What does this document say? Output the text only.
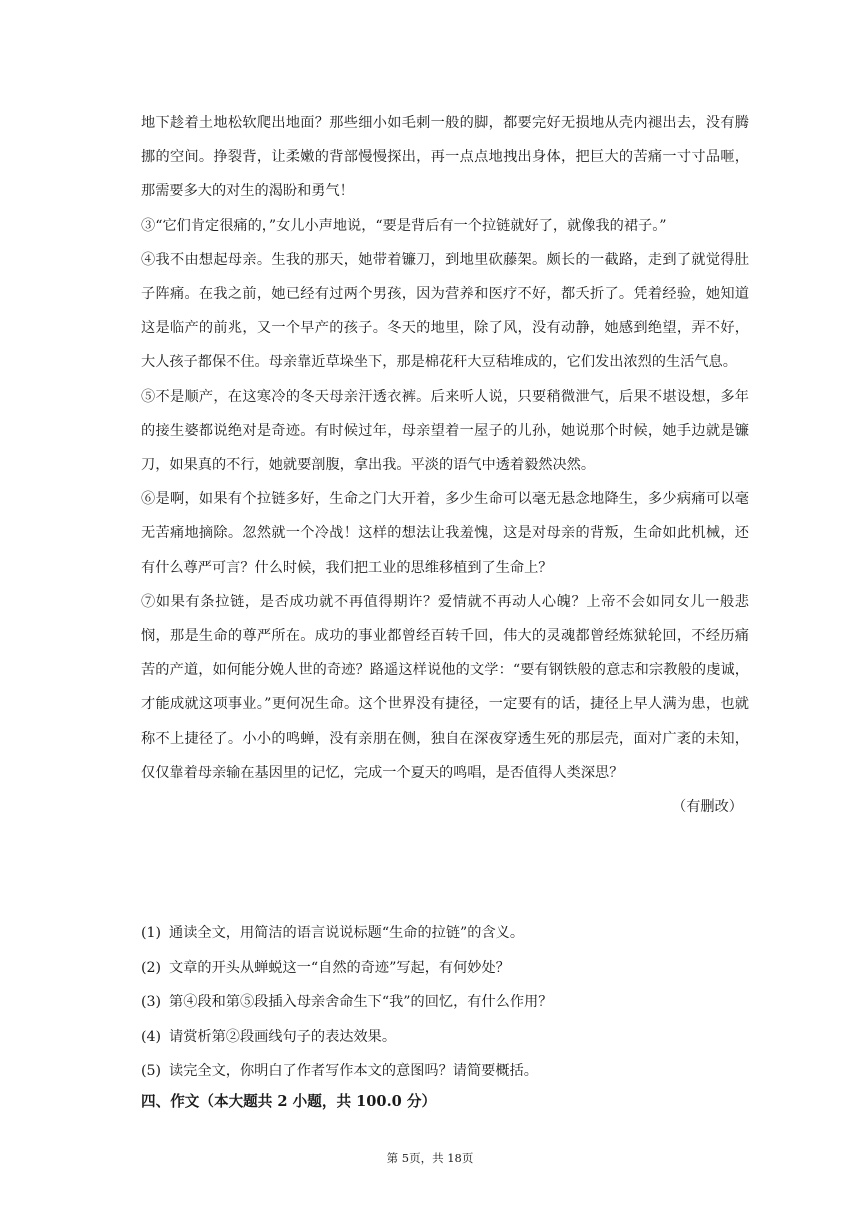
地下趁着土地松软爬出地面？那些细小如毛刺一般的脚，都要完好无损地从壳内褪出去，没有腾挪的空间。挣裂背，让柔嫩的背部慢慢探出，再一点点地拽出身体，把巨大的苦痛一寸寸品咂，那需要多大的对生的渴盼和勇气！

③“它们肯定很痛的，”女儿小声地说，“要是背后有一个拉链就好了，就像我的裙子。”

④我不由想起母亲。生我的那天，她带着镰刀，到地里砍藤架。颇长的一截路，走到了就觉得肚子阵痛。在我之前，她已经有过两个男孩，因为营养和医疗不好，都夭折了。凭着经验，她知道这是临产的前兆，又一个早产的孩子。冬天的地里，除了风，没有动静，她感到绝望，弄不好，大人孩子都保不住。母亲靠近草垛坐下，那是棉花秆大豆秸堆成的，它们发出浓烈的生活气息。

⑤不是顺产，在这寒冷的冬天母亲汗透衣裤。后来听人说，只要稍微泄气，后果不堪设想，多年的接生婆都说绝对是奇迹。有时候过年，母亲望着一屋子的儿孙，她说那个时候，她手边就是镰刀，如果真的不行，她就要剖腹，拿出我。平淡的语气中透着毅然决然。

⑥是啊，如果有个拉链多好，生命之门大开着，多少生命可以毫无悬念地降生，多少病痛可以毫无苦痛地摘除。忽然就一个冷战！这样的想法让我羞愧，这是对母亲的背叛，生命如此机械，还有什么尊严可言？什么时候，我们把工业的思维移植到了生命上？

⑦如果有条拉链，是否成功就不再值得期许？爱情就不再动人心魄？上帝不会如同女儿一般悲悯，那是生命的尊严所在。成功的事业都曾经百转千回，伟大的灵魂都曾经炼狱轮回，不经历痛苦的产道，如何能分娩人世的奇迹？路遥这样说他的文学：“要有钢铁般的意志和宗教般的虔诚，才能成就这项事业。”更何况生命。这个世界没有捷径，一定要有的话，捷径上早人满为患，也就称不上捷径了。小小的鸣蝉，没有亲朋在侧，独自在深夜穿透生死的那层壳，面对广袤的未知，仅仅靠着母亲输在基因里的记忆，完成一个夏天的鸣唱，是否值得人类深思？

（有删改）

(1) 通读全文，用简洁的语言说说标题“生命的拉链”的含义。

(2) 文章的开头从蝉蜕这一“自然的奇迹”写起，有何妙处？

(3) 第④段和第⑤段插入母亲舍命生下“我”的回忆，有什么作用？

(4) 请赏析第②段画线句子的表达效果。

(5) 读完全文，你明白了作者写作本文的意图吗？请简要概括。

四、作文（本大题共 2 小题，共 100.0 分）
第 5页，共 18页
